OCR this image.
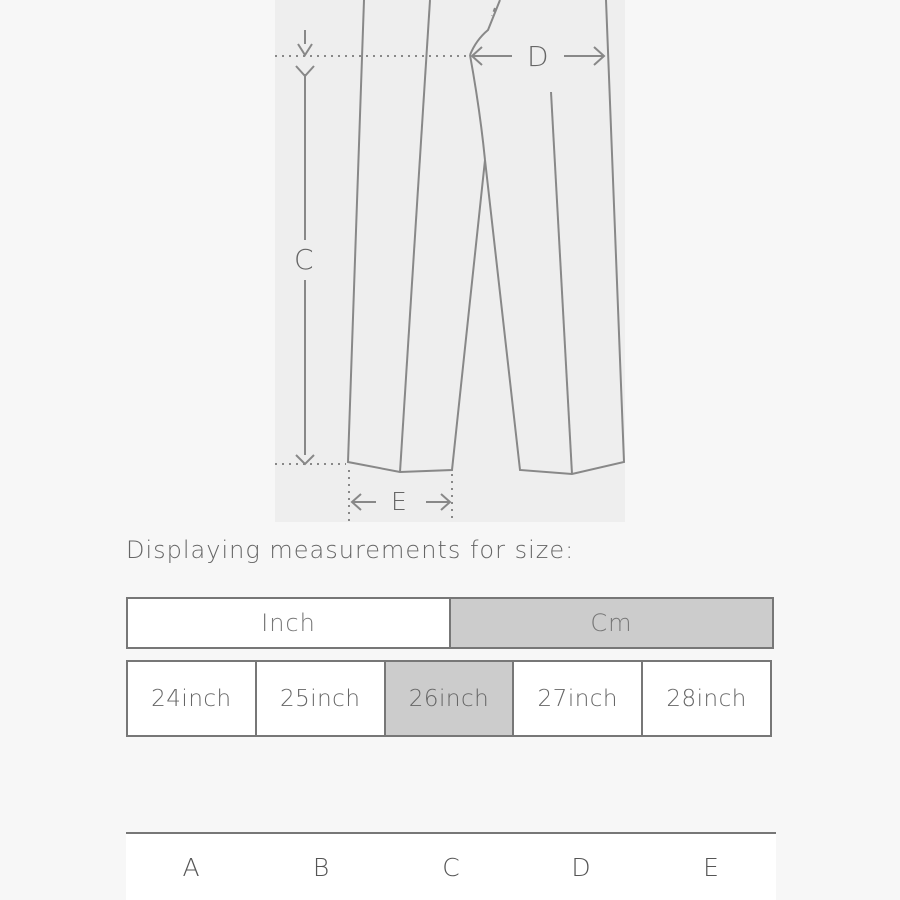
C
D
E
Displaying measurements for size:
Inch	Cm
24inch	25inch	26inch	27inch	28inch
A	B	C	D	E
